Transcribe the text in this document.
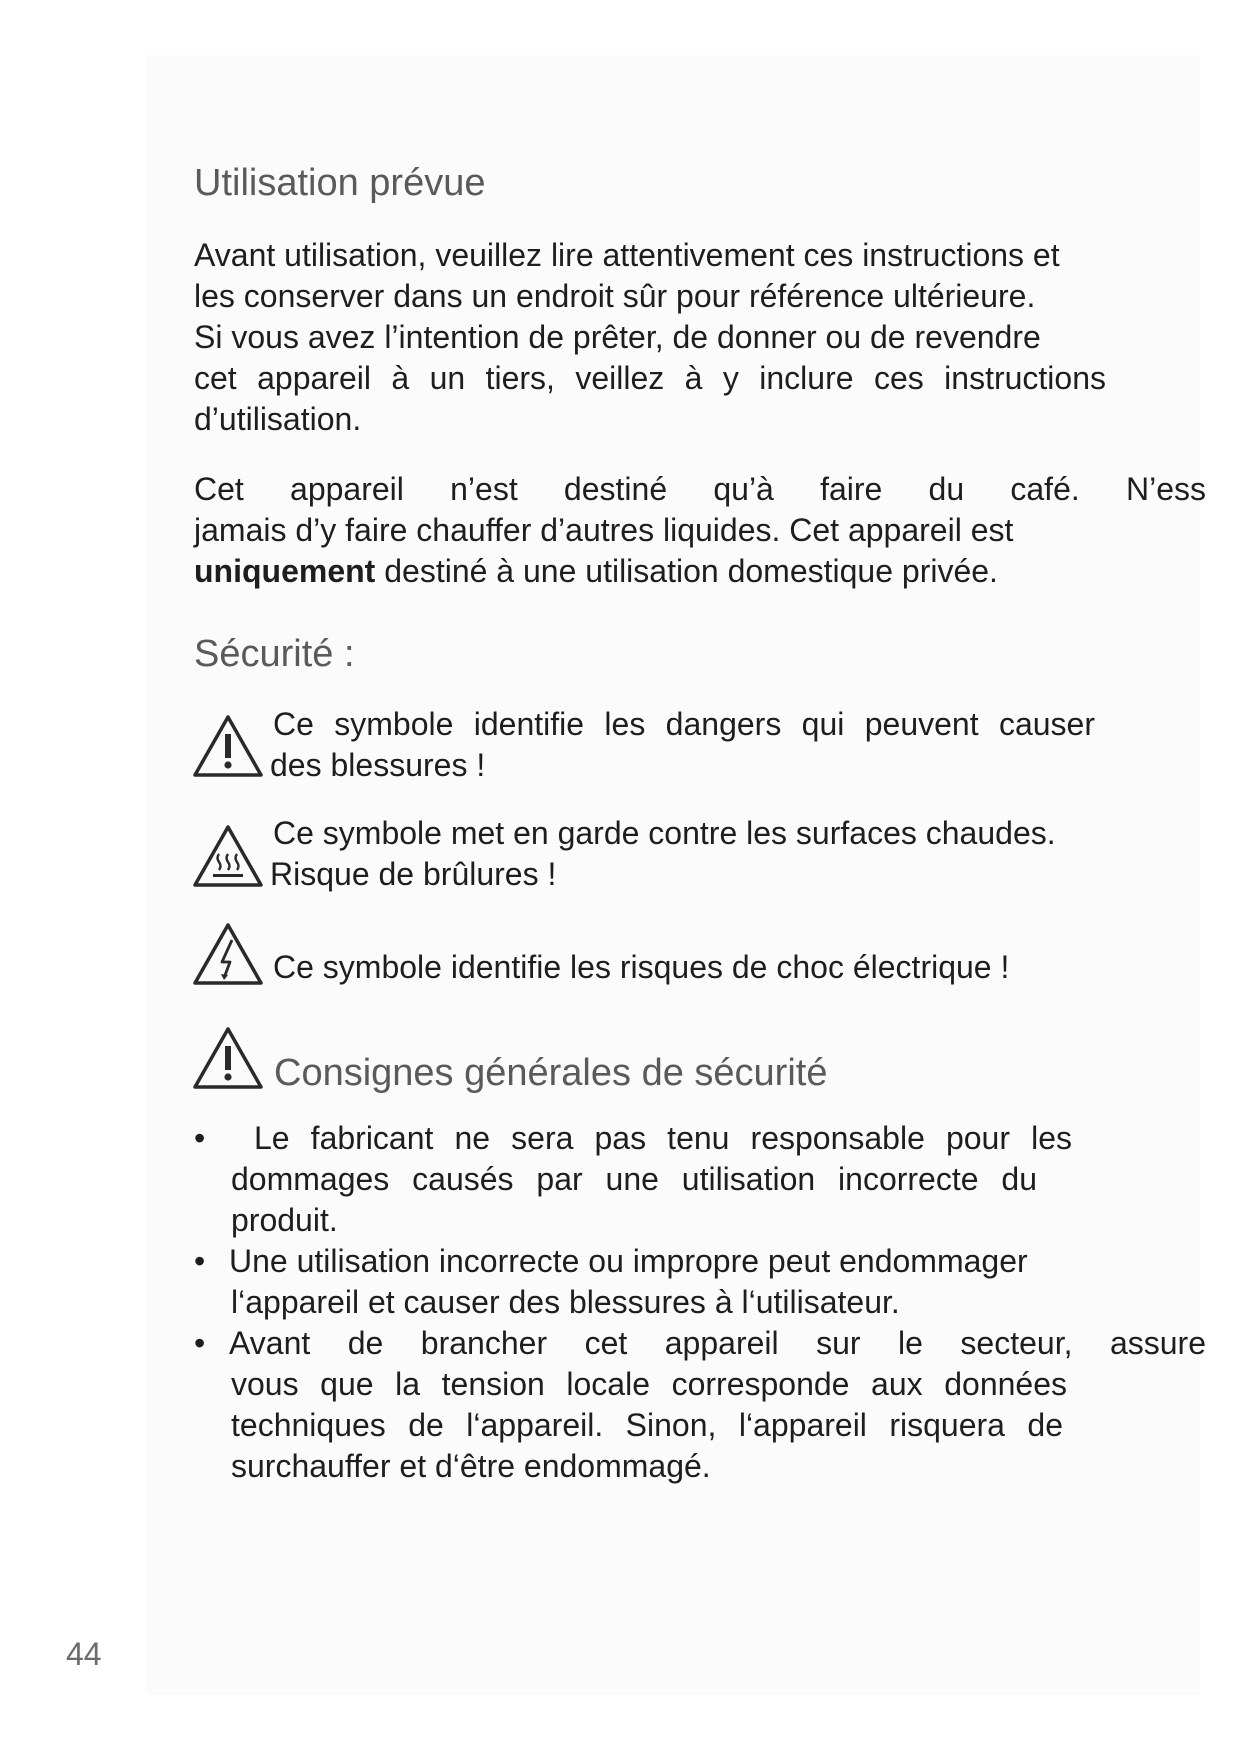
Utilisation prévue
Avant utilisation, veuillez lire attentivement ces instructions et
les conserver dans un endroit sûr pour référence ultérieure.
Si vous avez l’intention de prêter, de donner ou de revendre
cet appareil à un tiers, veillez à y inclure ces instructions
d’utilisation.
Cet appareil n’est destiné qu’à faire du café. N’ess
jamais d’y faire chauffer d’autres liquides. Cet appareil est
uniquement destiné à une utilisation domestique privée.
Sécurité :
Ce symbole identifie les dangers qui peuvent causer
des blessures !
Ce symbole met en garde contre les surfaces chaudes.
Risque de brûlures !
Ce symbole identifie les risques de choc électrique !
Consignes générales de sécurité
• Le fabricant ne sera pas tenu responsable pour les
dommages causés par une utilisation incorrecte du
produit.
• Une utilisation incorrecte ou impropre peut endommager
l‘appareil et causer des blessures à l‘utilisateur.
• Avant de brancher cet appareil sur le secteur, assure
vous que la tension locale corresponde aux données
techniques de l‘appareil. Sinon, l‘appareil risquera de
surchauffer et d‘être endommagé.
44
